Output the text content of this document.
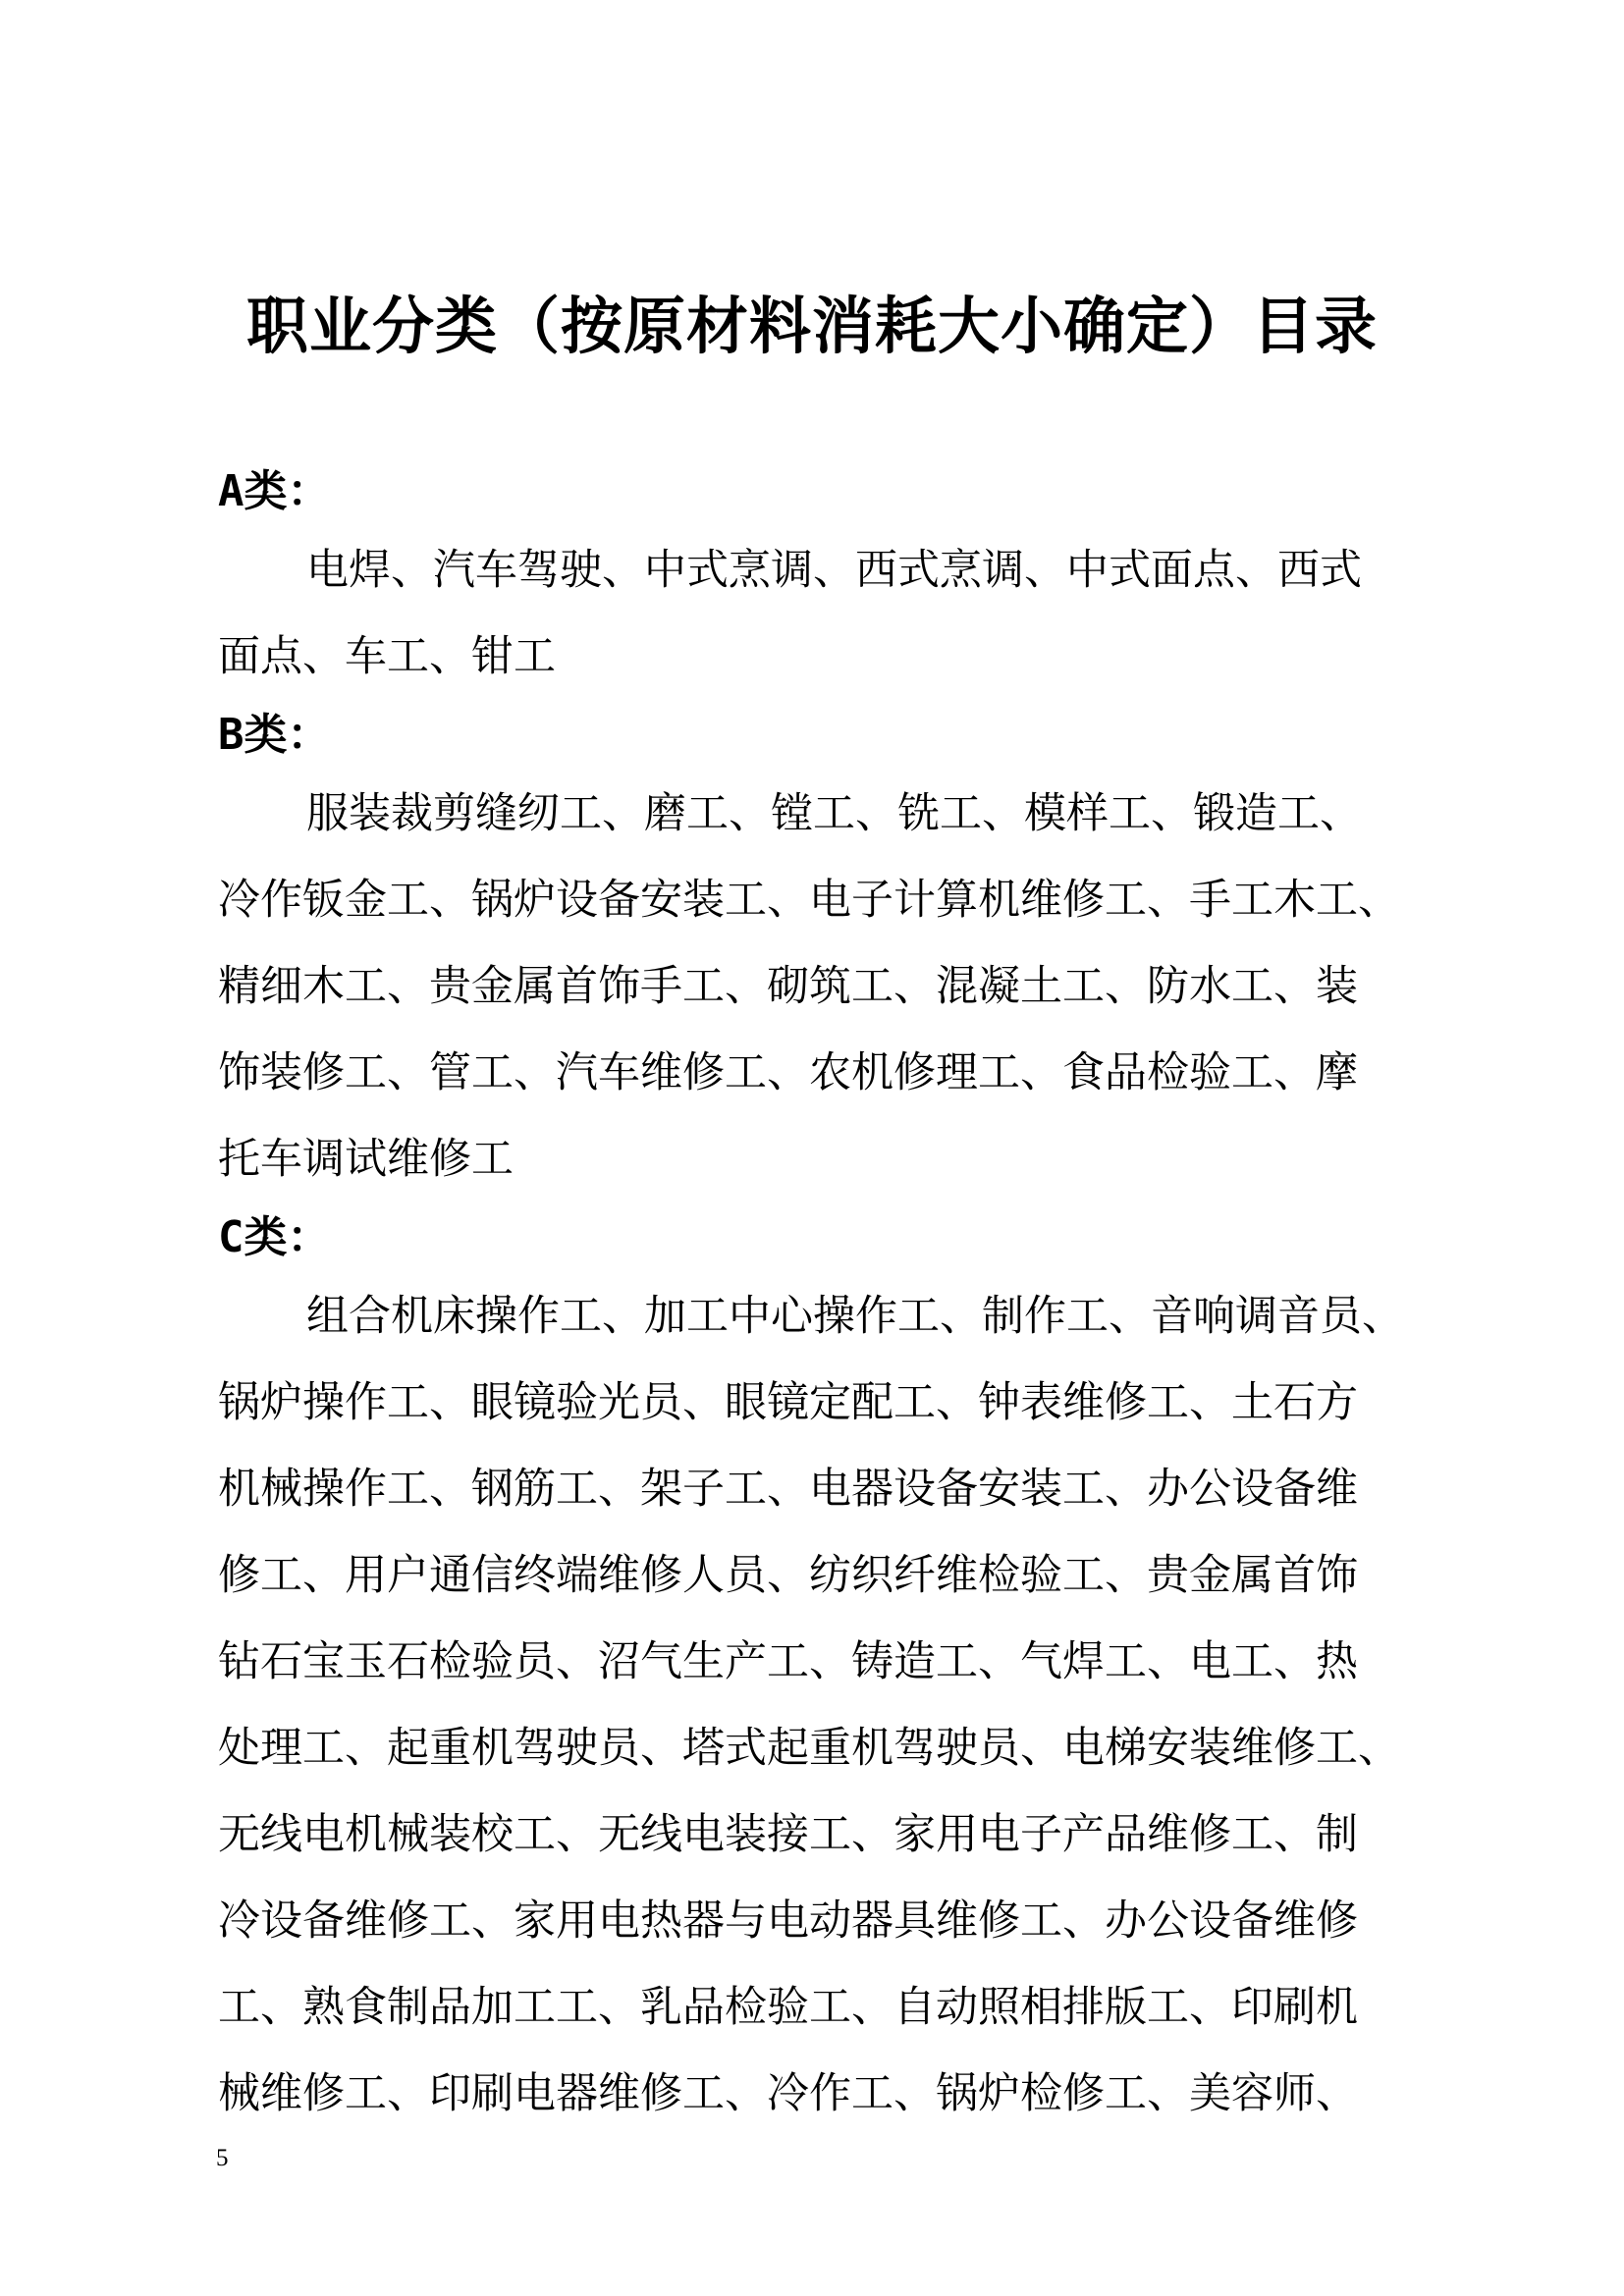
职业分类（按原材料消耗大小确定）目录
A类：
电焊、汽车驾驶、中式烹调、西式烹调、中式面点、西式
面点、车工、钳工
B类：
服装裁剪缝纫工、磨工、镗工、铣工、模样工、锻造工、
冷作钣金工、锅炉设备安装工、电子计算机维修工、手工木工、
精细木工、贵金属首饰手工、砌筑工、混凝土工、防水工、装
饰装修工、管工、汽车维修工、农机修理工、食品检验工、摩
托车调试维修工
C类：
组合机床操作工、加工中心操作工、制作工、音响调音员、
锅炉操作工、眼镜验光员、眼镜定配工、钟表维修工、土石方
机械操作工、钢筋工、架子工、电器设备安装工、办公设备维
修工、用户通信终端维修人员、纺织纤维检验工、贵金属首饰
钻石宝玉石检验员、沼气生产工、铸造工、气焊工、电工、热
处理工、起重机驾驶员、塔式起重机驾驶员、电梯安装维修工、
无线电机械装校工、无线电装接工、家用电子产品维修工、制
冷设备维修工、家用电热器与电动器具维修工、办公设备维修
工、熟食制品加工工、乳品检验工、自动照相排版工、印刷机
械维修工、印刷电器维修工、冷作工、锅炉检修工、美容师、
5
